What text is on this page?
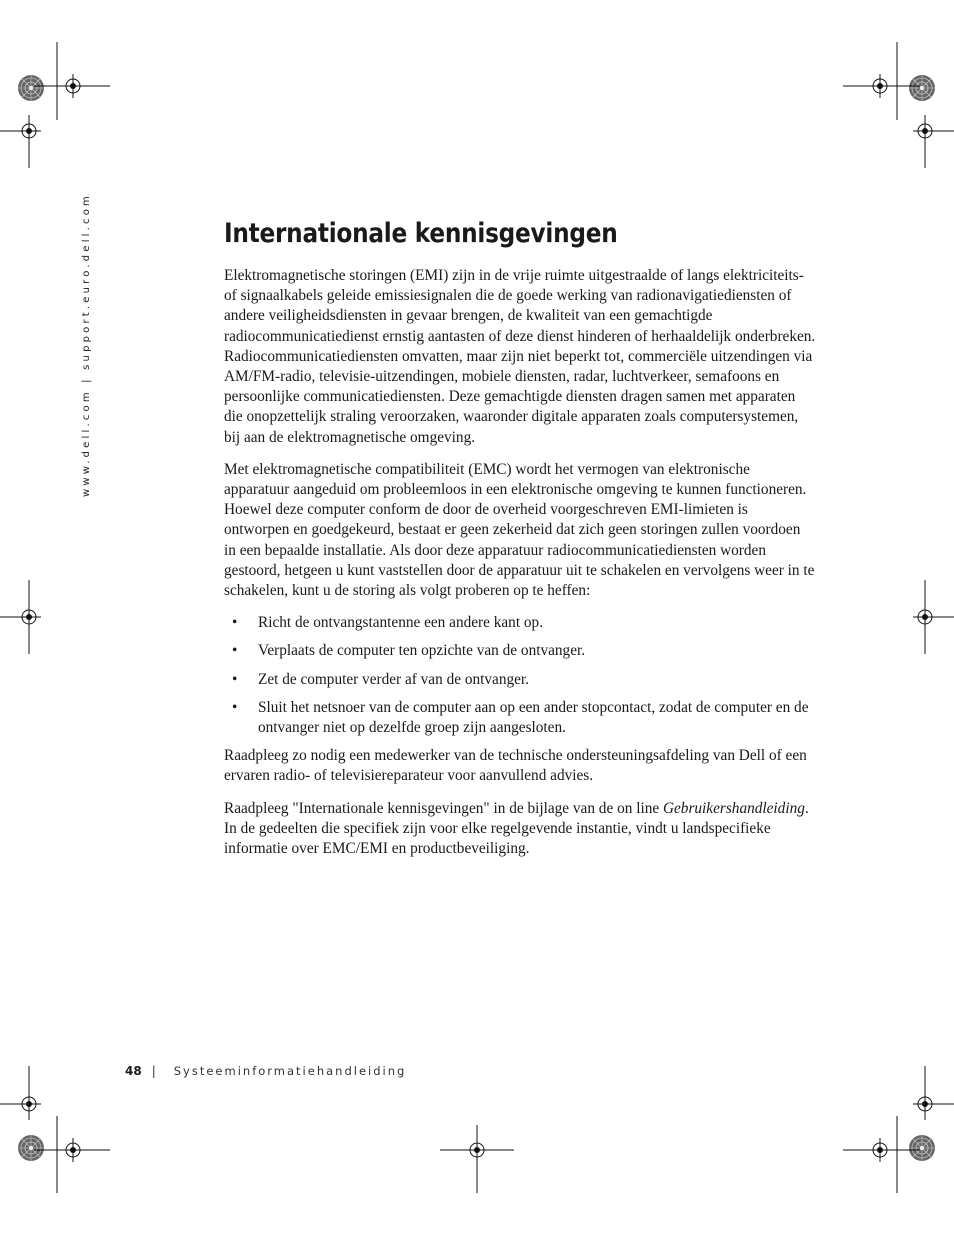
www.dell.com | support.euro.dell.com	Internationale kennisgevingen

Elektromagnetische storingen (EMI) zijn in de vrije ruimte uitgestraalde of langs elektriciteits- of signaalkabels geleide emissiesignalen die de goede werking van radionavigatiediensten of andere veiligheidsdiensten in gevaar brengen, de kwaliteit van een gemachtigde radiocommunicatiedienst ernstig aantasten of deze dienst hinderen of herhaaldelijk onderbreken. Radiocommunicatiediensten omvatten, maar zijn niet beperkt tot, commerciële uitzendingen via AM/FM-radio, televisie-uitzendingen, mobiele diensten, radar, luchtverkeer, semafoons en persoonlijke communicatiediensten. Deze gemachtigde diensten dragen samen met apparaten die onopzettelijk straling veroorzaken, waaronder digitale apparaten zoals computersystemen, bij aan de elektromagnetische omgeving.

Met elektromagnetische compatibiliteit (EMC) wordt het vermogen van elektronische apparatuur aangeduid om probleemloos in een elektronische omgeving te kunnen functioneren. Hoewel deze computer conform de door de overheid voorgeschreven EMI-limieten is ontworpen en goedgekeurd, bestaat er geen zekerheid dat zich geen storingen zullen voordoen in een bepaalde installatie. Als door deze apparatuur radiocommunicatiediensten worden gestoord, hetgeen u kunt vaststellen door de apparatuur uit te schakelen en vervolgens weer in te schakelen, kunt u de storing als volgt proberen op te heffen:

• Richt de ontvangstantenne een andere kant op.
• Verplaats de computer ten opzichte van de ontvanger.
• Zet de computer verder af van de ontvanger.
• Sluit het netsnoer van de computer aan op een ander stopcontact, zodat de computer en de ontvanger niet op dezelfde groep zijn aangesloten.

Raadpleeg zo nodig een medewerker van de technische ondersteuningsafdeling van Dell of een ervaren radio- of televisiereparateur voor aanvullend advies.

Raadpleeg "Internationale kennisgevingen" in de bijlage van de on line Gebruikershandleiding. In de gedeelten die specifiek zijn voor elke regelgevende instantie, vindt u landspecifieke informatie over EMC/EMI en productbeveiliging.

48 | Systeeminformatiehandleiding
